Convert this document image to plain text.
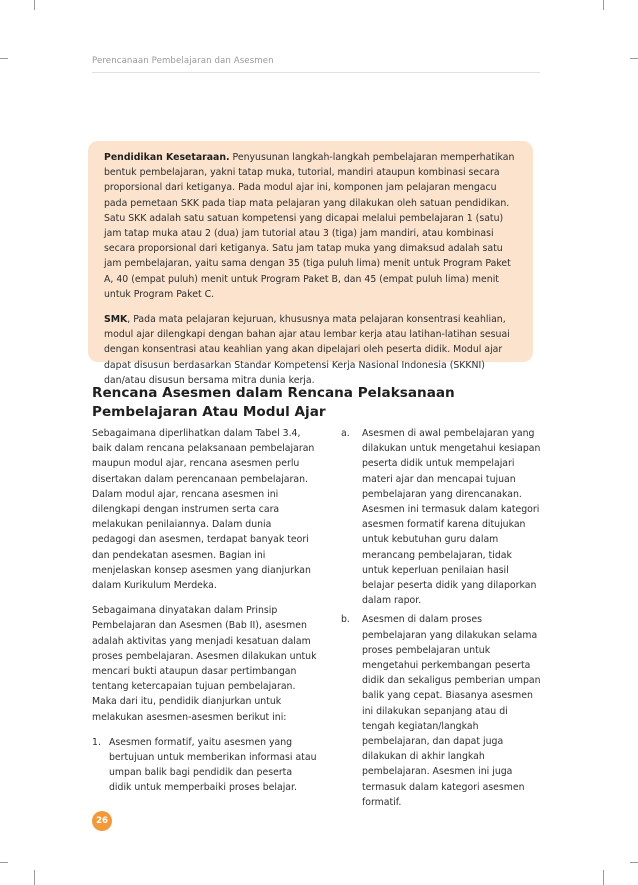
Perencanaan Pembelajaran dan Asesmen

Pendidikan Kesetaraan. Penyusunan langkah-langkah pembelajaran memperhatikan bentuk pembelajaran, yakni tatap muka, tutorial, mandiri ataupun kombinasi secara proporsional dari ketiganya. Pada modul ajar ini, komponen jam pelajaran mengacu pada pemetaan SKK pada tiap mata pelajaran yang dilakukan oleh satuan pendidikan. Satu SKK adalah satu satuan kompetensi yang dicapai melalui pembelajaran 1 (satu) jam tatap muka atau 2 (dua) jam tutorial atau 3 (tiga) jam mandiri, atau kombinasi secara proporsional dari ketiganya. Satu jam tatap muka yang dimaksud adalah satu jam pembelajaran, yaitu sama dengan 35 (tiga puluh lima) menit untuk Program Paket A, 40 (empat puluh) menit untuk Program Paket B, dan 45 (empat puluh lima) menit untuk Program Paket C.

SMK, Pada mata pelajaran kejuruan, khususnya mata pelajaran konsentrasi keahlian, modul ajar dilengkapi dengan bahan ajar atau lembar kerja atau latihan-latihan sesuai dengan konsentrasi atau keahlian yang akan dipelajari oleh peserta didik. Modul ajar dapat disusun berdasarkan Standar Kompetensi Kerja Nasional Indonesia (SKKNI) dan/atau disusun bersama mitra dunia kerja.

Rencana Asesmen dalam Rencana Pelaksanaan Pembelajaran Atau Modul Ajar

Sebagaimana diperlihatkan dalam Tabel 3.4, baik dalam rencana pelaksanaan pembelajaran maupun modul ajar, rencana asesmen perlu disertakan dalam perencanaan pembelajaran. Dalam modul ajar, rencana asesmen ini dilengkapi dengan instrumen serta cara melakukan penilaiannya. Dalam dunia pedagogi dan asesmen, terdapat banyak teori dan pendekatan asesmen. Bagian ini menjelaskan konsep asesmen yang dianjurkan dalam Kurikulum Merdeka.

Sebagaimana dinyatakan dalam Prinsip Pembelajaran dan Asesmen (Bab II), asesmen adalah aktivitas yang menjadi kesatuan dalam proses pembelajaran. Asesmen dilakukan untuk mencari bukti ataupun dasar pertimbangan tentang ketercapaian tujuan pembelajaran. Maka dari itu, pendidik dianjurkan untuk melakukan asesmen-asesmen berikut ini:

1. Asesmen formatif, yaitu asesmen yang bertujuan untuk memberikan informasi atau umpan balik bagi pendidik dan peserta didik untuk memperbaiki proses belajar.
a.	Asesmen di awal pembelajaran yang dilakukan untuk mengetahui kesiapan peserta didik untuk mempelajari materi ajar dan mencapai tujuan pembelajaran yang direncanakan. Asesmen ini termasuk dalam kategori asesmen formatif karena ditujukan untuk kebutuhan guru dalam merancang pembelajaran, tidak untuk keperluan penilaian hasil belajar peserta didik yang dilaporkan dalam rapor.
b.	Asesmen di dalam proses pembelajaran yang dilakukan selama proses pembelajaran untuk mengetahui perkembangan peserta didik dan sekaligus pemberian umpan balik yang cepat. Biasanya asesmen ini dilakukan sepanjang atau di tengah kegiatan/langkah pembelajaran, dan dapat juga dilakukan di akhir langkah pembelajaran. Asesmen ini juga termasuk dalam kategori asesmen formatif.
26
